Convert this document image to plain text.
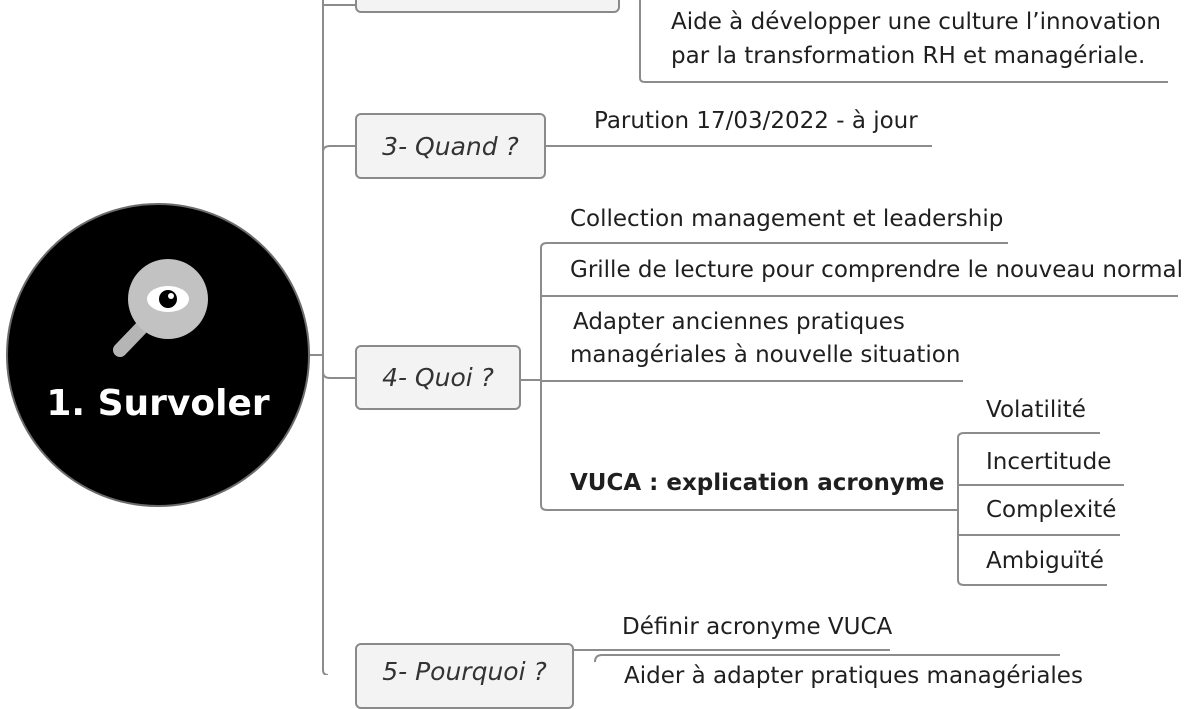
1. Survoler
Aide à développer une culture l’innovation
par la transformation RH et managériale.
3- Quand ?
Parution 17/03/2022 - à jour
4- Quoi ?
Collection management et leadership
Grille de lecture pour comprendre le nouveau normal
Adapter anciennes pratiques
managériales à nouvelle situation
VUCA : explication acronyme
Volatilité
Incertitude
Complexité
Ambiguïté
5- Pourquoi ?
Définir acronyme VUCA
Aider à adapter pratiques managériales
